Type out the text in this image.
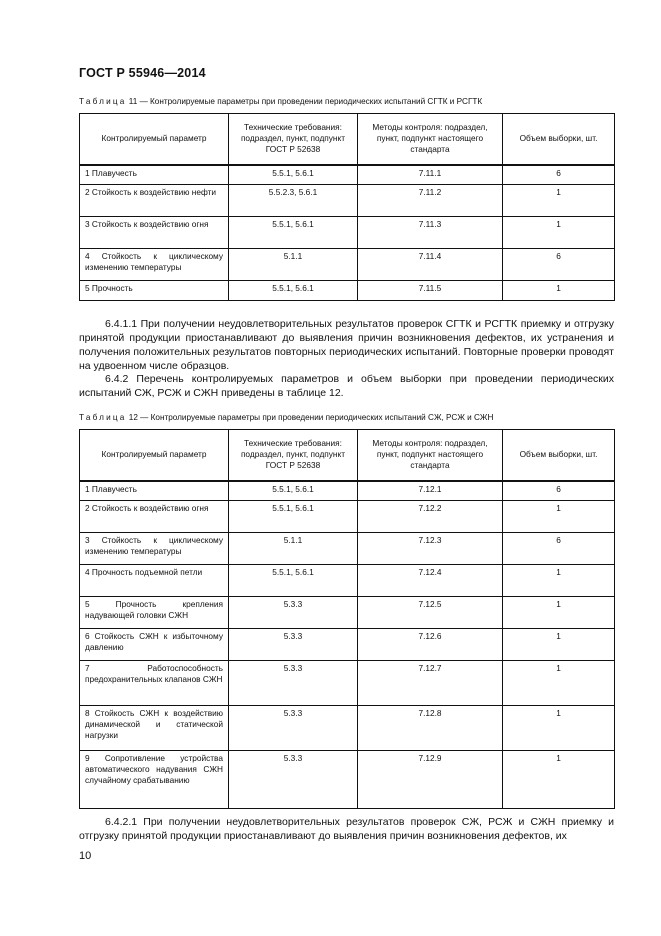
ГОСТ Р 55946—2014
Таблица 11 — Контролируемые параметры при проведении периодических испытаний СГТК и РСГТК
Контролируемый параметр	Технические требования: подраздел, пункт, подпункт ГОСТ Р 52638	Методы контроля: подраздел, пункт, подпункт настоящего стандарта	Объем выборки, шт.
1 Плавучесть	5.5.1, 5.6.1	7.11.1	6
2 Стойкость к воздействию нефти	5.5.2.3, 5.6.1	7.11.2	1
3 Стойкость к воздействию огня	5.5.1, 5.6.1	7.11.3	1
4 Стойкость к циклическому изменению температуры	5.1.1	7.11.4	6
5 Прочность	5.5.1, 5.6.1	7.11.5	1

6.4.1.1 При получении неудовлетворительных результатов проверок СГТК и РСГТК приемку и отгрузку принятой продукции приостанавливают до выявления причин возникновения дефектов, их устранения и получения положительных результатов повторных периодических испытаний. Повторные проверки проводят на удвоенном числе образцов.

6.4.2 Перечень контролируемых параметров и объем выборки при проведении периодических испытаний СЖ, РСЖ и СЖН приведены в таблице 12.

Таблица 12 — Контролируемые параметры при проведении периодических испытаний СЖ, РСЖ и СЖН
Контролируемый параметр	Технические требования: подраздел, пункт, подпункт ГОСТ Р 52638	Методы контроля: подраздел, пункт, подпункт настоящего стандарта	Объем выборки, шт.
1 Плавучесть	5.5.1, 5.6.1	7.12.1	6
2 Стойкость к воздействию огня	5.5.1, 5.6.1	7.12.2	1
3 Стойкость к циклическому изменению температуры	5.1.1	7.12.3	6
4 Прочность подъемной петли	5.5.1, 5.6.1	7.12.4	1
5 Прочность крепления надувающей головки СЖН	5.3.3	7.12.5	1
6 Стойкость СЖН к избыточному давлению	5.3.3	7.12.6	1
7 Работоспособность предохранительных клапанов СЖН	5.3.3	7.12.7	1
8 Стойкость СЖН к воздействию динамической и статической нагрузки	5.3.3	7.12.8	1
9 Сопротивление устройства автоматического надувания СЖН случайному срабатыванию	5.3.3	7.12.9	1

6.4.2.1 При получении неудовлетворительных результатов проверок СЖ, РСЖ и СЖН приемку и отгрузку принятой продукции приостанавливают до выявления причин возникновения дефектов, их

10
